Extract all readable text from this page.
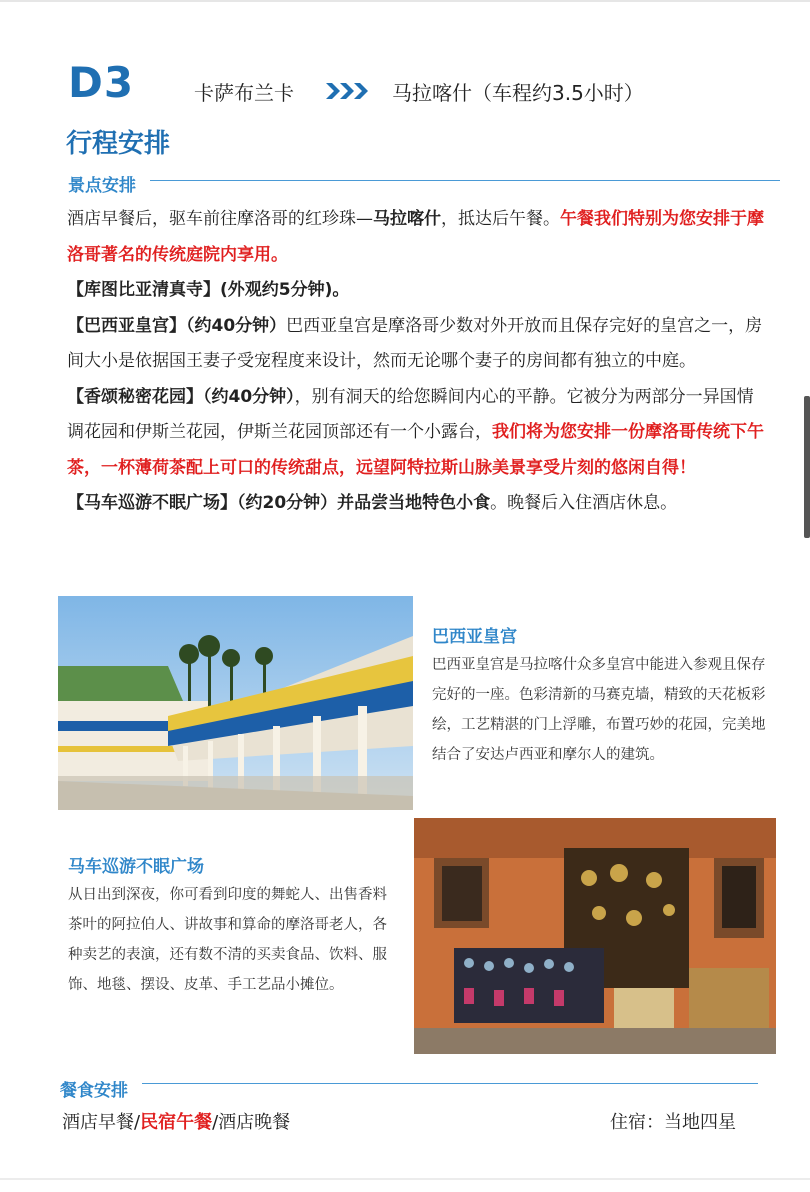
D3	卡萨布兰卡	马拉喀什（车程约3.5小时）
行程安排
景点安排

酒店早餐后，驱车前往摩洛哥的红珍珠—马拉喀什，抵达后午餐。午餐我们特别为您安排于摩洛哥著名的传统庭院内享用。

【库图比亚清真寺】(外观约5分钟)。

【巴西亚皇宫】（约40分钟）巴西亚皇宫是摩洛哥少数对外开放而且保存完好的皇宫之一，房间大小是依据国王妻子受宠程度来设计，然而无论哪个妻子的房间都有独立的中庭。

【香颂秘密花园】（约40分钟），别有洞天的给您瞬间内心的平静。它被分为两部分一异国情调花园和伊斯兰花园，伊斯兰花园顶部还有一个小露台，我们将为您安排一份摩洛哥传统下午茶，一杯薄荷茶配上可口的传统甜点，远望阿特拉斯山脉美景享受片刻的悠闲自得！

【马车巡游不眠广场】（约20分钟）并品尝当地特色小食。晚餐后入住酒店休息。

巴西亚皇宫
巴西亚皇宫是马拉喀什众多皇宫中能进入参观且保存完好的一座。色彩清新的马赛克墙，精致的天花板彩绘，工艺精湛的门上浮雕，布置巧妙的花园，完美地结合了安达卢西亚和摩尔人的建筑。
马车巡游不眠广场
从日出到深夜，你可看到印度的舞蛇人、出售香料茶叶的阿拉伯人、讲故事和算命的摩洛哥老人，各种卖艺的表演，还有数不清的买卖食品、饮料、服饰、地毯、摆设、皮革、手工艺品小摊位。
餐食安排
酒店早餐/民宿午餐/酒店晚餐	住宿：当地四星
